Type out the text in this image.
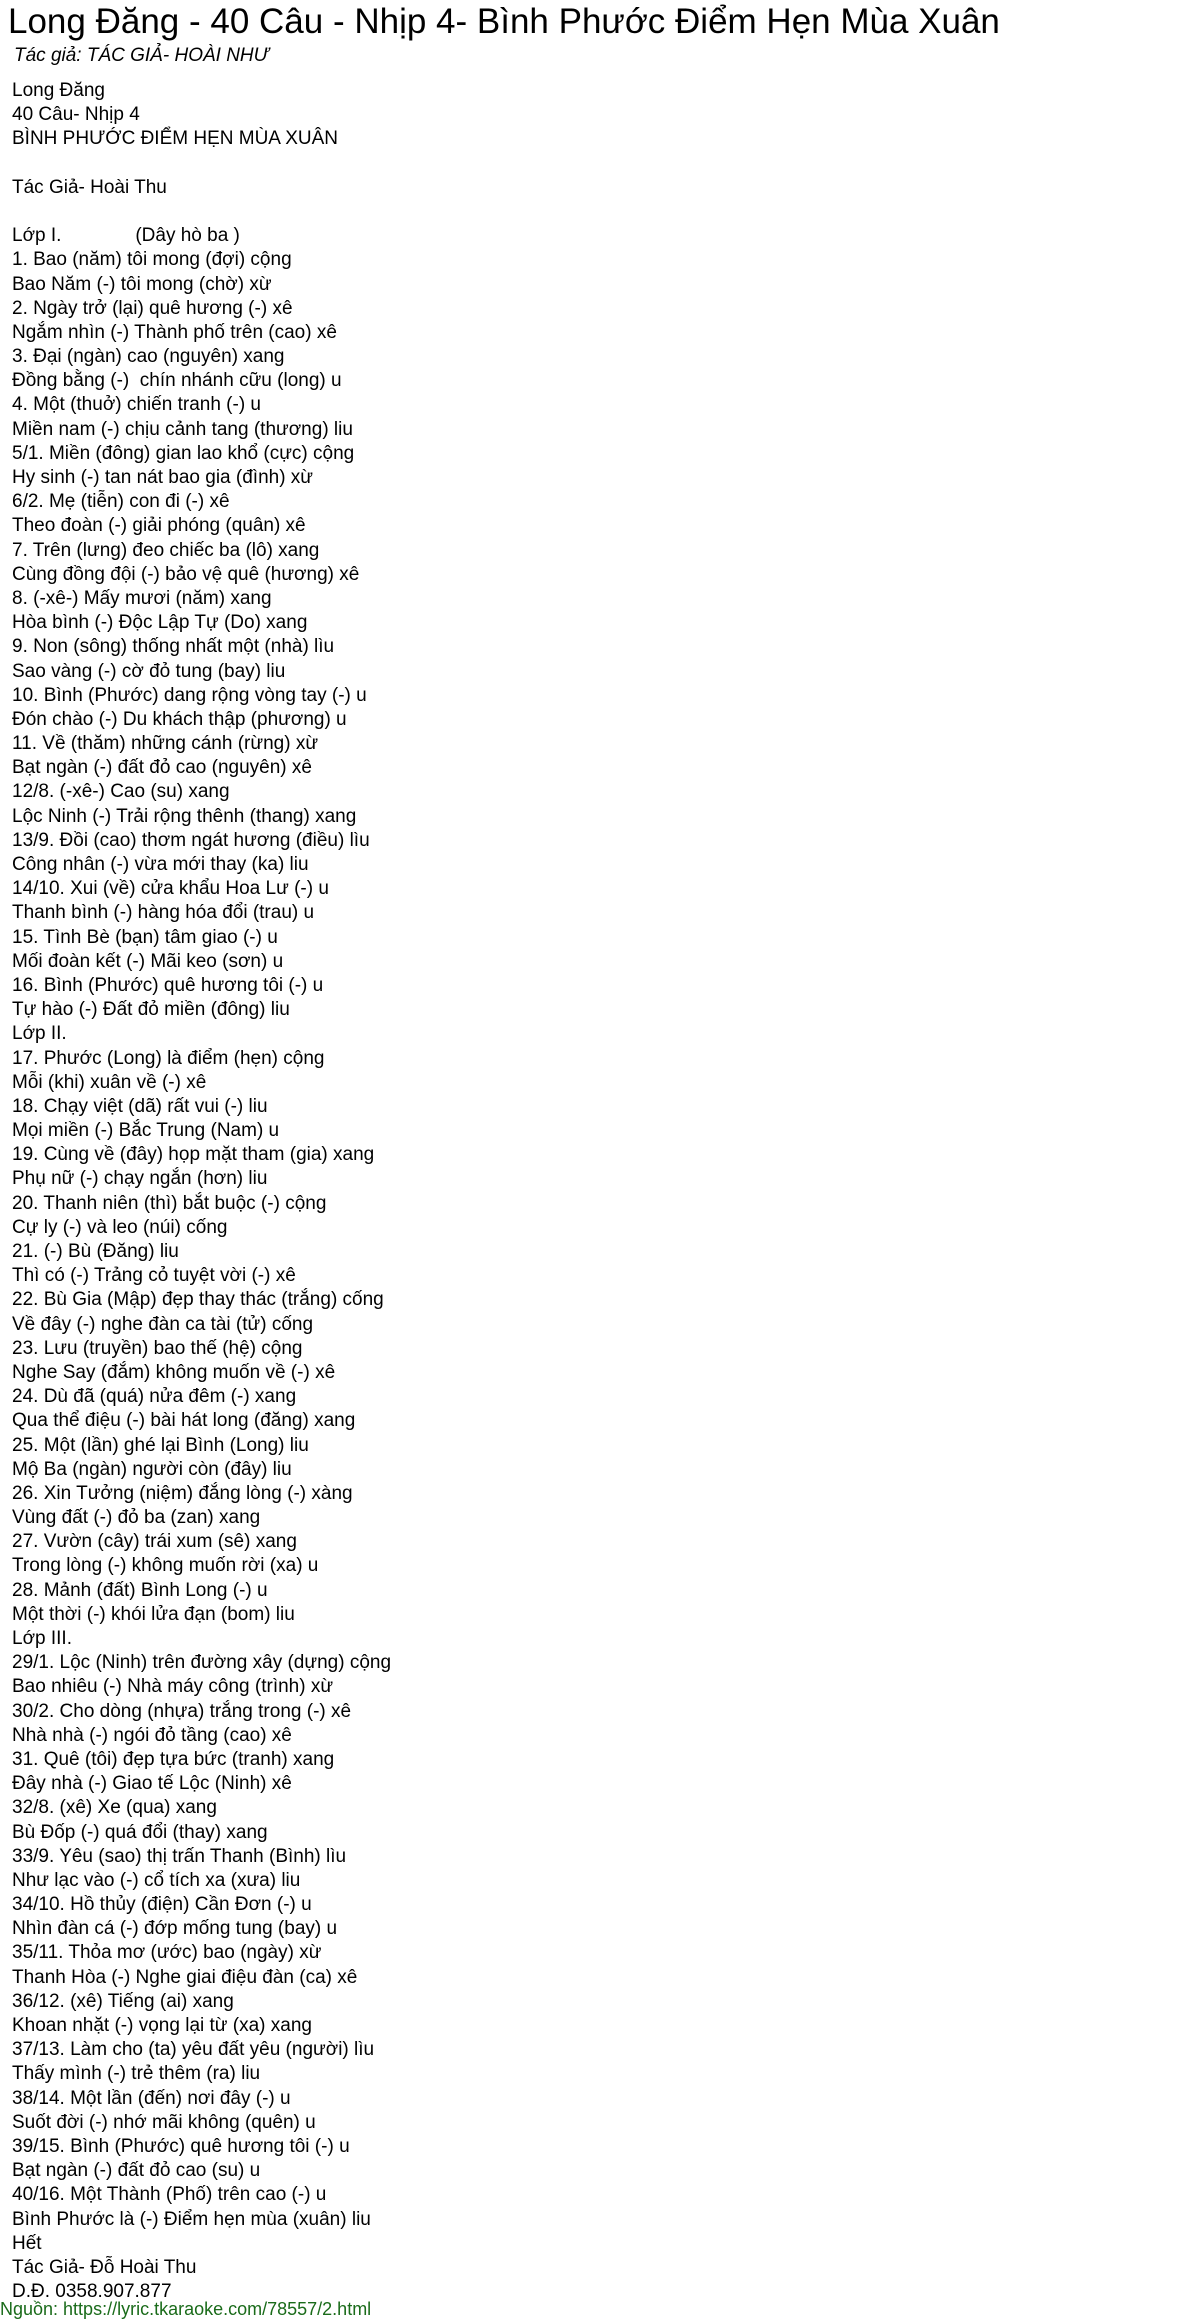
Long Đăng - 40 Câu - Nhịp 4- Bình Phước Điểm Hẹn Mùa Xuân
Tác giả: TÁC GIẢ- HOÀI NHƯ
Long Đăng
40 Câu- Nhịp 4
BÌNH PHƯỚC ĐIỂM HẸN MÙA XUÂN
Tác Giả- Hoài Thu
Lớp I.              (Dây hò ba )
1. Bao (năm) tôi mong (đợi) cộng
Bao Năm (-) tôi mong (chờ) xừ
2. Ngày trở (lại) quê hương (-) xê
Ngắm nhìn (-) Thành phố trên (cao) xê
3. Đại (ngàn) cao (nguyên) xang
Đồng bằng (-)  chín nhánh cữu (long) u
4. Một (thuở) chiến tranh (-) u
Miền nam (-) chịu cảnh tang (thương) liu
5/1. Miền (đông) gian lao khổ (cực) cộng
Hy sinh (-) tan nát bao gia (đình) xừ
6/2. Mẹ (tiễn) con đi (-) xê
Theo đoàn (-) giải phóng (quân) xê
7. Trên (lưng) đeo chiếc ba (lô) xang
Cùng đồng đội (-) bảo vệ quê (hương) xê
8. (-xê-) Mấy mươi (năm) xang
Hòa bình (-) Độc Lập Tự (Do) xang
9. Non (sông) thống nhất một (nhà) lìu
Sao vàng (-) cờ đỏ tung (bay) liu
10. Bình (Phước) dang rộng vòng tay (-) u
Đón chào (-) Du khách thập (phương) u
11. Về (thăm) những cánh (rừng) xừ
Bạt ngàn (-) đất đỏ cao (nguyên) xê
12/8. (-xê-) Cao (su) xang
Lộc Ninh (-) Trải rộng thênh (thang) xang
13/9. Đồi (cao) thơm ngát hương (điều) lìu
Công nhân (-) vừa mới thay (ka) liu
14/10. Xui (về) cửa khẩu Hoa Lư (-) u
Thanh bình (-) hàng hóa đổi (trau) u
15. Tình Bè (bạn) tâm giao (-) u
Mối đoàn kết (-) Mãi keo (sơn) u
16. Bình (Phước) quê hương tôi (-) u
Tự hào (-) Đất đỏ miền (đông) liu
Lớp II.
17. Phước (Long) là điểm (hẹn) cộng
Mỗi (khi) xuân về (-) xê
18. Chạy việt (dã) rất vui (-) liu
Mọi miền (-) Bắc Trung (Nam) u
19. Cùng về (đây) họp mặt tham (gia) xang
Phụ nữ (-) chạy ngắn (hơn) liu
20. Thanh niên (thì) bắt buộc (-) cộng
Cự ly (-) và leo (núi) cống
21. (-) Bù (Đăng) liu
Thì có (-) Trảng cỏ tuyệt vời (-) xê
22. Bù Gia (Mập) đẹp thay thác (trắng) cống
Về đây (-) nghe đàn ca tài (tử) cống
23. Lưu (truyền) bao thế (hệ) cộng
Nghe Say (đắm) không muốn về (-) xê
24. Dù đã (quá) nửa đêm (-) xang
Qua thể điệu (-) bài hát long (đăng) xang
25. Một (lần) ghé lại Bình (Long) liu
Mộ Ba (ngàn) người còn (đây) liu
26. Xin Tưởng (niệm) đắng lòng (-) xàng
Vùng đất (-) đỏ ba (zan) xang
27. Vườn (cây) trái xum (sê) xang
Trong lòng (-) không muốn rời (xa) u
28. Mảnh (đất) Bình Long (-) u
Một thời (-) khói lửa đạn (bom) liu
Lớp III.
29/1. Lộc (Ninh) trên đường xây (dựng) cộng
Bao nhiêu (-) Nhà máy công (trình) xừ
30/2. Cho dòng (nhựa) trắng trong (-) xê
Nhà nhà (-) ngói đỏ tầng (cao) xê
31. Quê (tôi) đẹp tựa bức (tranh) xang
Đây nhà (-) Giao tế Lộc (Ninh) xê
32/8. (xê) Xe (qua) xang
Bù Đốp (-) quá đổi (thay) xang
33/9. Yêu (sao) thị trấn Thanh (Bình) lìu
Như lạc vào (-) cổ tích xa (xưa) liu
34/10. Hồ thủy (điện) Cần Đơn (-) u
Nhìn đàn cá (-) đớp mống tung (bay) u
35/11. Thỏa mơ (ước) bao (ngày) xừ
Thanh Hòa (-) Nghe giai điệu đàn (ca) xê
36/12. (xê) Tiếng (ai) xang
Khoan nhặt (-) vọng lại từ (xa) xang
37/13. Làm cho (ta) yêu đất yêu (người) lìu
Thấy mình (-) trẻ thêm (ra) liu
38/14. Một lần (đến) nơi đây (-) u
Suốt đời (-) nhớ mãi không (quên) u
39/15. Bình (Phước) quê hương tôi (-) u
Bạt ngàn (-) đất đỏ cao (su) u
40/16. Một Thành (Phố) trên cao (-) u
Bình Phước là (-) Điểm hẹn mùa (xuân) liu
Hết
Tác Giả- Đỗ Hoài Thu
D.Đ. 0358.907.877
Nguồn: https://lyric.tkaraoke.com/78557/2.html
